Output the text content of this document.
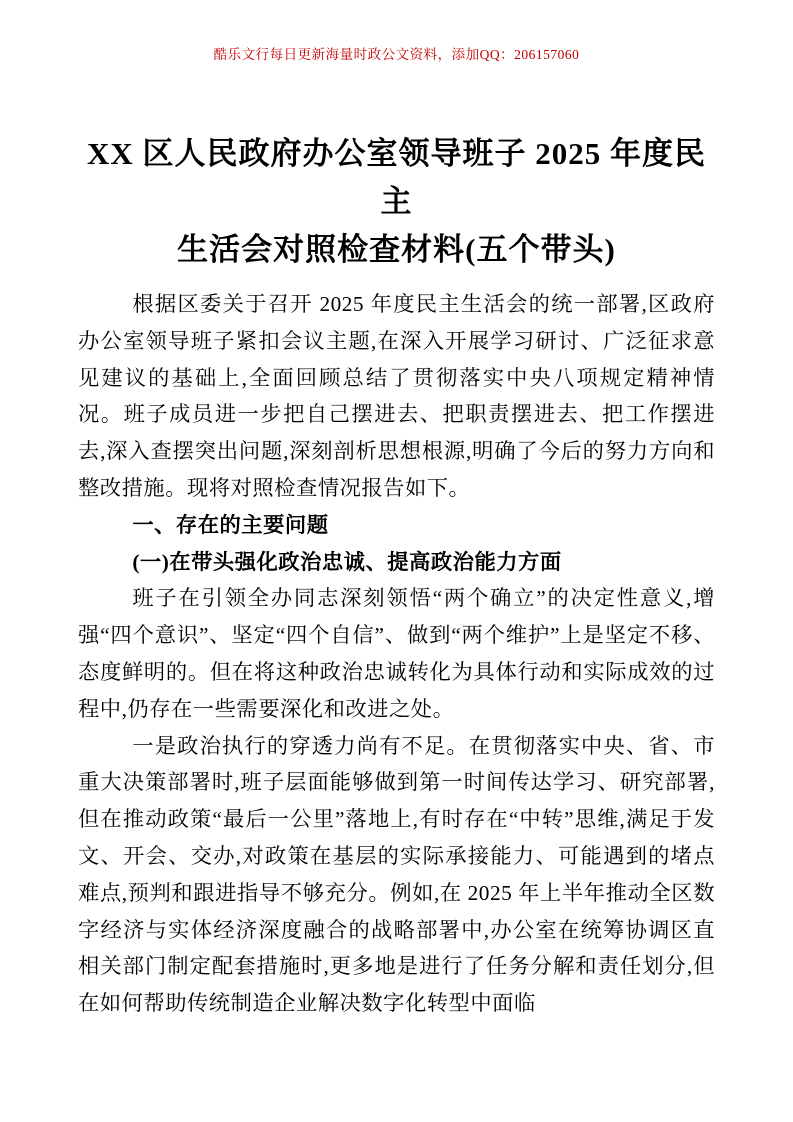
酷乐文行每日更新海量时政公文资料，添加QQ：206157060
XX 区人民政府办公室领导班子 2025 年度民主
生活会对照检查材料(五个带头)

根据区委关于召开 2025 年度民主生活会的统一部署,区政府办公室领导班子紧扣会议主题,在深入开展学习研讨、广泛征求意见建议的基础上,全面回顾总结了贯彻落实中央八项规定精神情况。班子成员进一步把自己摆进去、把职责摆进去、把工作摆进去,深入查摆突出问题,深刻剖析思想根源,明确了今后的努力方向和整改措施。现将对照检查情况报告如下。

一、存在的主要问题

(一)在带头强化政治忠诚、提高政治能力方面

班子在引领全办同志深刻领悟“两个确立”的决定性意义,增强“四个意识”、坚定“四个自信”、做到“两个维护”上是坚定不移、态度鲜明的。但在将这种政治忠诚转化为具体行动和实际成效的过程中,仍存在一些需要深化和改进之处。

一是政治执行的穿透力尚有不足。在贯彻落实中央、省、市重大决策部署时,班子层面能够做到第一时间传达学习、研究部署,但在推动政策“最后一公里”落地上,有时存在“中转”思维,满足于发文、开会、交办,对政策在基层的实际承接能力、可能遇到的堵点难点,预判和跟进指导不够充分。例如,在 2025 年上半年推动全区数字经济与实体经济深度融合的战略部署中,办公室在统筹协调区直相关部门制定配套措施时,更多地是进行了任务分解和责任划分,但在如何帮助传统制造企业解决数字化转型中面临
